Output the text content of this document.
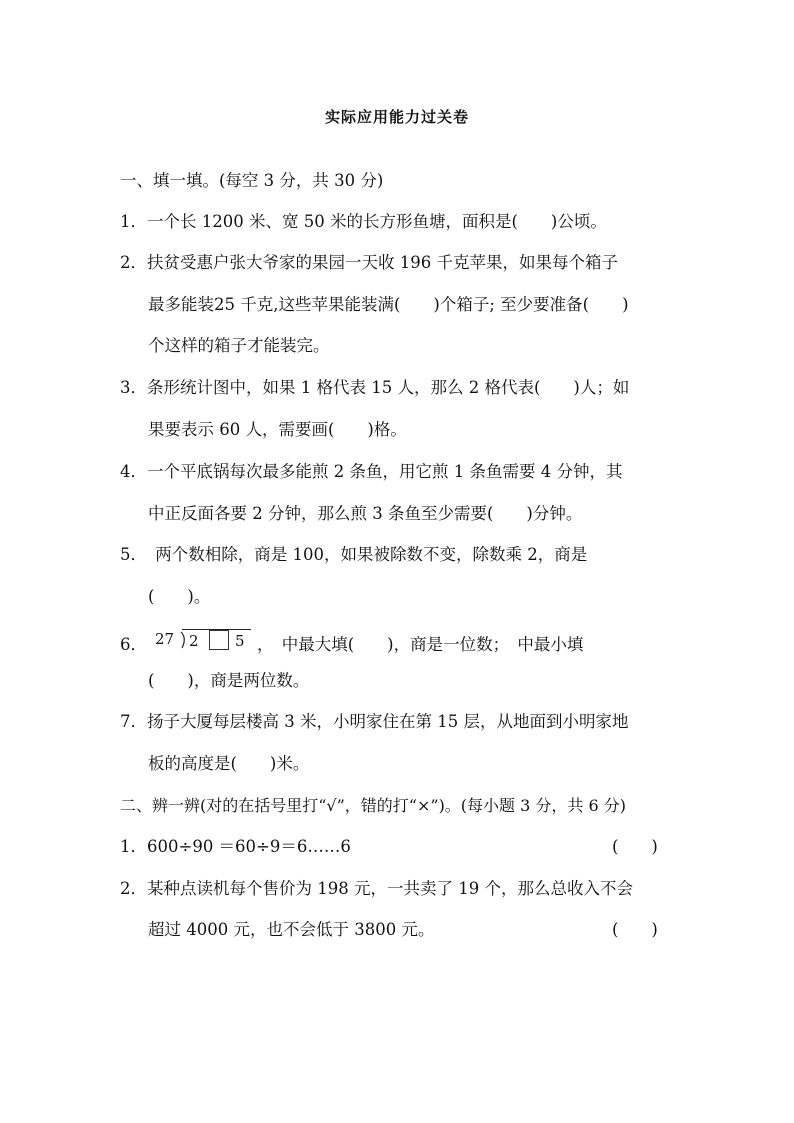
实际应用能力过关卷
一、填一填。(每空 3 分，共 30 分)
1．一个长 1200 米、宽 50 米的长方形鱼塘，面积是(　　)公顷。
2．扶贫受惠户张大爷家的果园一天收 196 千克苹果，如果每个箱子
最多能装25 千克,这些苹果能装满(　　)个箱子; 至少要准备(　　)
个这样的箱子才能装完。
3．条形统计图中，如果 1 格代表 15 人，那么 2 格代表(　　)人；如
果要表示 60 人，需要画(　　)格。
4．一个平底锅每次最多能煎 2 条鱼，用它煎 1 条鱼需要 4 分钟，其
中正反面各要 2 分钟，那么煎 3 条鱼至少需要(　　)分钟。
5．　两个数相除，商是 100，如果被除数不变，除数乘 2，商是
(　　)。
6． 27 2 5 ，　中最大填(　　)，商是一位数；　中最小填
(　　)，商是两位数。
7．扬子大厦每层楼高 3 米，小明家住在第 15 层，从地面到小明家地
板的高度是(　　)米。
二、辨一辨(对的在括号里打“√”，错的打“×”)。(每小题 3 分，共 6 分)
1．600÷90 ＝60÷9＝6……6	(　　)
2．某种点读机每个售价为 198 元，一共卖了 19 个，那么总收入不会
超过 4000 元，也不会低于 3800 元。	(　　)
